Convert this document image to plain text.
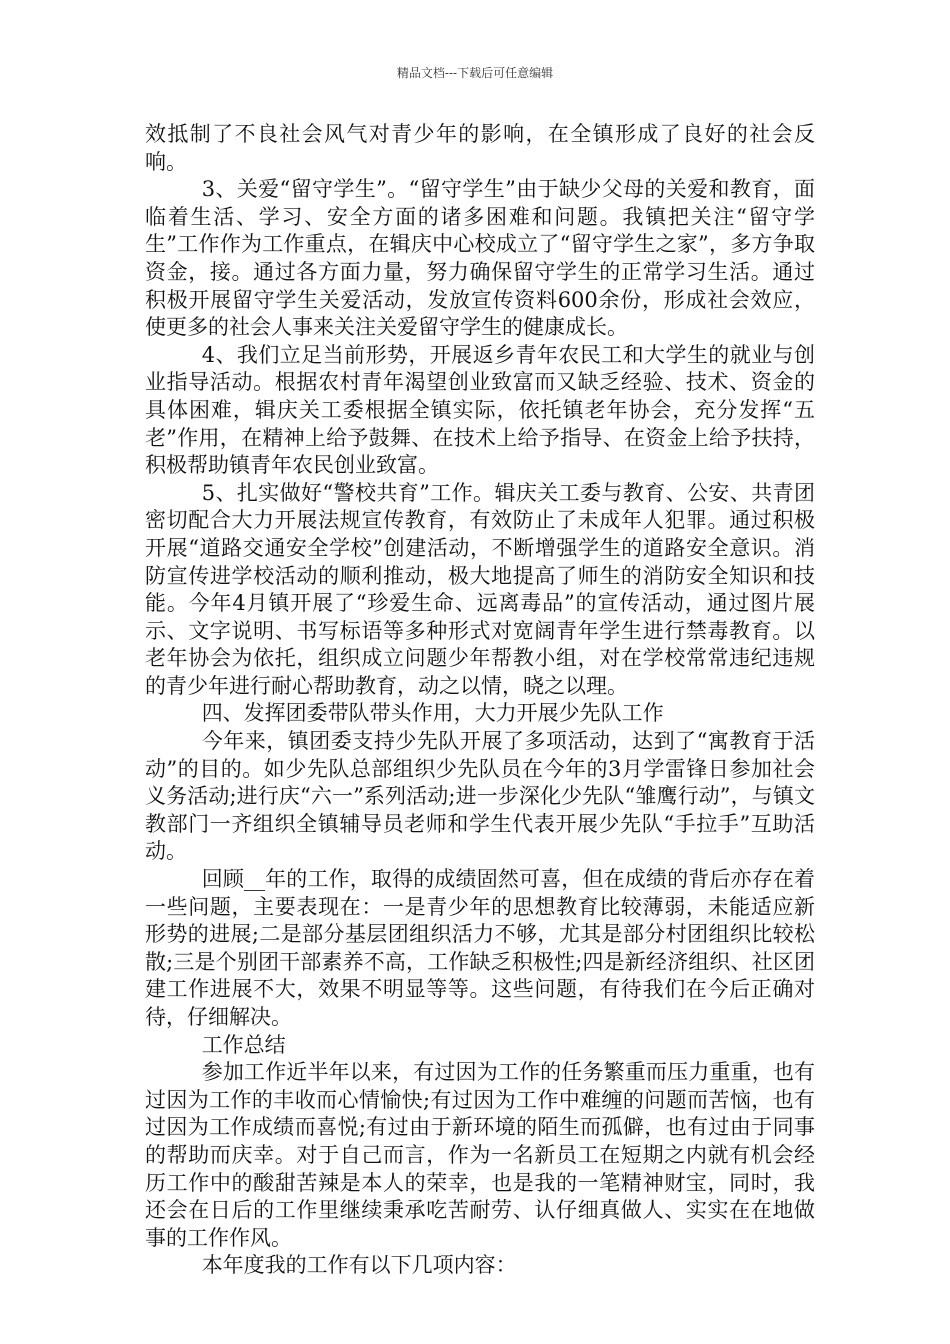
精品文档---下载后可任意编辑

效抵制了不良社会风气对青少年的影响，在全镇形成了良好的社会反响。

3、关爱“留守学生”。“留守学生”由于缺少父母的关爱和教育，面临着生活、学习、安全方面的诸多困难和问题。我镇把关注“留守学生”工作作为工作重点，在辑庆中心校成立了“留守学生之家”，多方争取资金，接。通过各方面力量，努力确保留守学生的正常学习生活。通过积极开展留守学生关爱活动，发放宣传资料600余份，形成社会效应，使更多的社会人事来关注关爱留守学生的健康成长。

4、我们立足当前形势，开展返乡青年农民工和大学生的就业与创业指导活动。根据农村青年渴望创业致富而又缺乏经验、技术、资金的具体困难，辑庆关工委根据全镇实际，依托镇老年协会，充分发挥“五老”作用，在精神上给予鼓舞、在技术上给予指导、在资金上给予扶持，积极帮助镇青年农民创业致富。

5、扎实做好“警校共育”工作。辑庆关工委与教育、公安、共青团密切配合大力开展法规宣传教育，有效防止了未成年人犯罪。通过积极开展“道路交通安全学校”创建活动，不断增强学生的道路安全意识。消防宣传进学校活动的顺利推动，极大地提高了师生的消防安全知识和技能。今年4月镇开展了“珍爱生命、远离毒品”的宣传活动，通过图片展示、文字说明、书写标语等多种形式对宽阔青年学生进行禁毒教育。以老年协会为依托，组织成立问题少年帮教小组，对在学校常常违纪违规的青少年进行耐心帮助教育，动之以情，晓之以理。

四、发挥团委带队带头作用，大力开展少先队工作

今年来，镇团委支持少先队开展了多项活动，达到了“寓教育于活动”的目的。如少先队总部组织少先队员在今年的3月学雷锋日参加社会义务活动;进行庆“六一”系列活动;进一步深化少先队“雏鹰行动”，与镇文教部门一齐组织全镇辅导员老师和学生代表开展少先队“手拉手”互助活动。

回顾__年的工作，取得的成绩固然可喜，但在成绩的背后亦存在着一些问题，主要表现在：一是青少年的思想教育比较薄弱，未能适应新形势的进展;二是部分基层团组织活力不够，尤其是部分村团组织比较松散;三是个别团干部素养不高，工作缺乏积极性;四是新经济组织、社区团建工作进展不大，效果不明显等等。这些问题，有待我们在今后正确对待，仔细解决。

工作总结

参加工作近半年以来，有过因为工作的任务繁重而压力重重，也有过因为工作的丰收而心情愉快;有过因为工作中难缠的问题而苦恼，也有过因为工作成绩而喜悦;有过由于新环境的陌生而孤僻，也有过由于同事的帮助而庆幸。对于自己而言，作为一名新员工在短期之内就有机会经历工作中的酸甜苦辣是本人的荣幸，也是我的一笔精神财宝，同时，我还会在日后的工作里继续秉承吃苦耐劳、认仔细真做人、实实在在地做事的工作作风。

本年度我的工作有以下几项内容：
